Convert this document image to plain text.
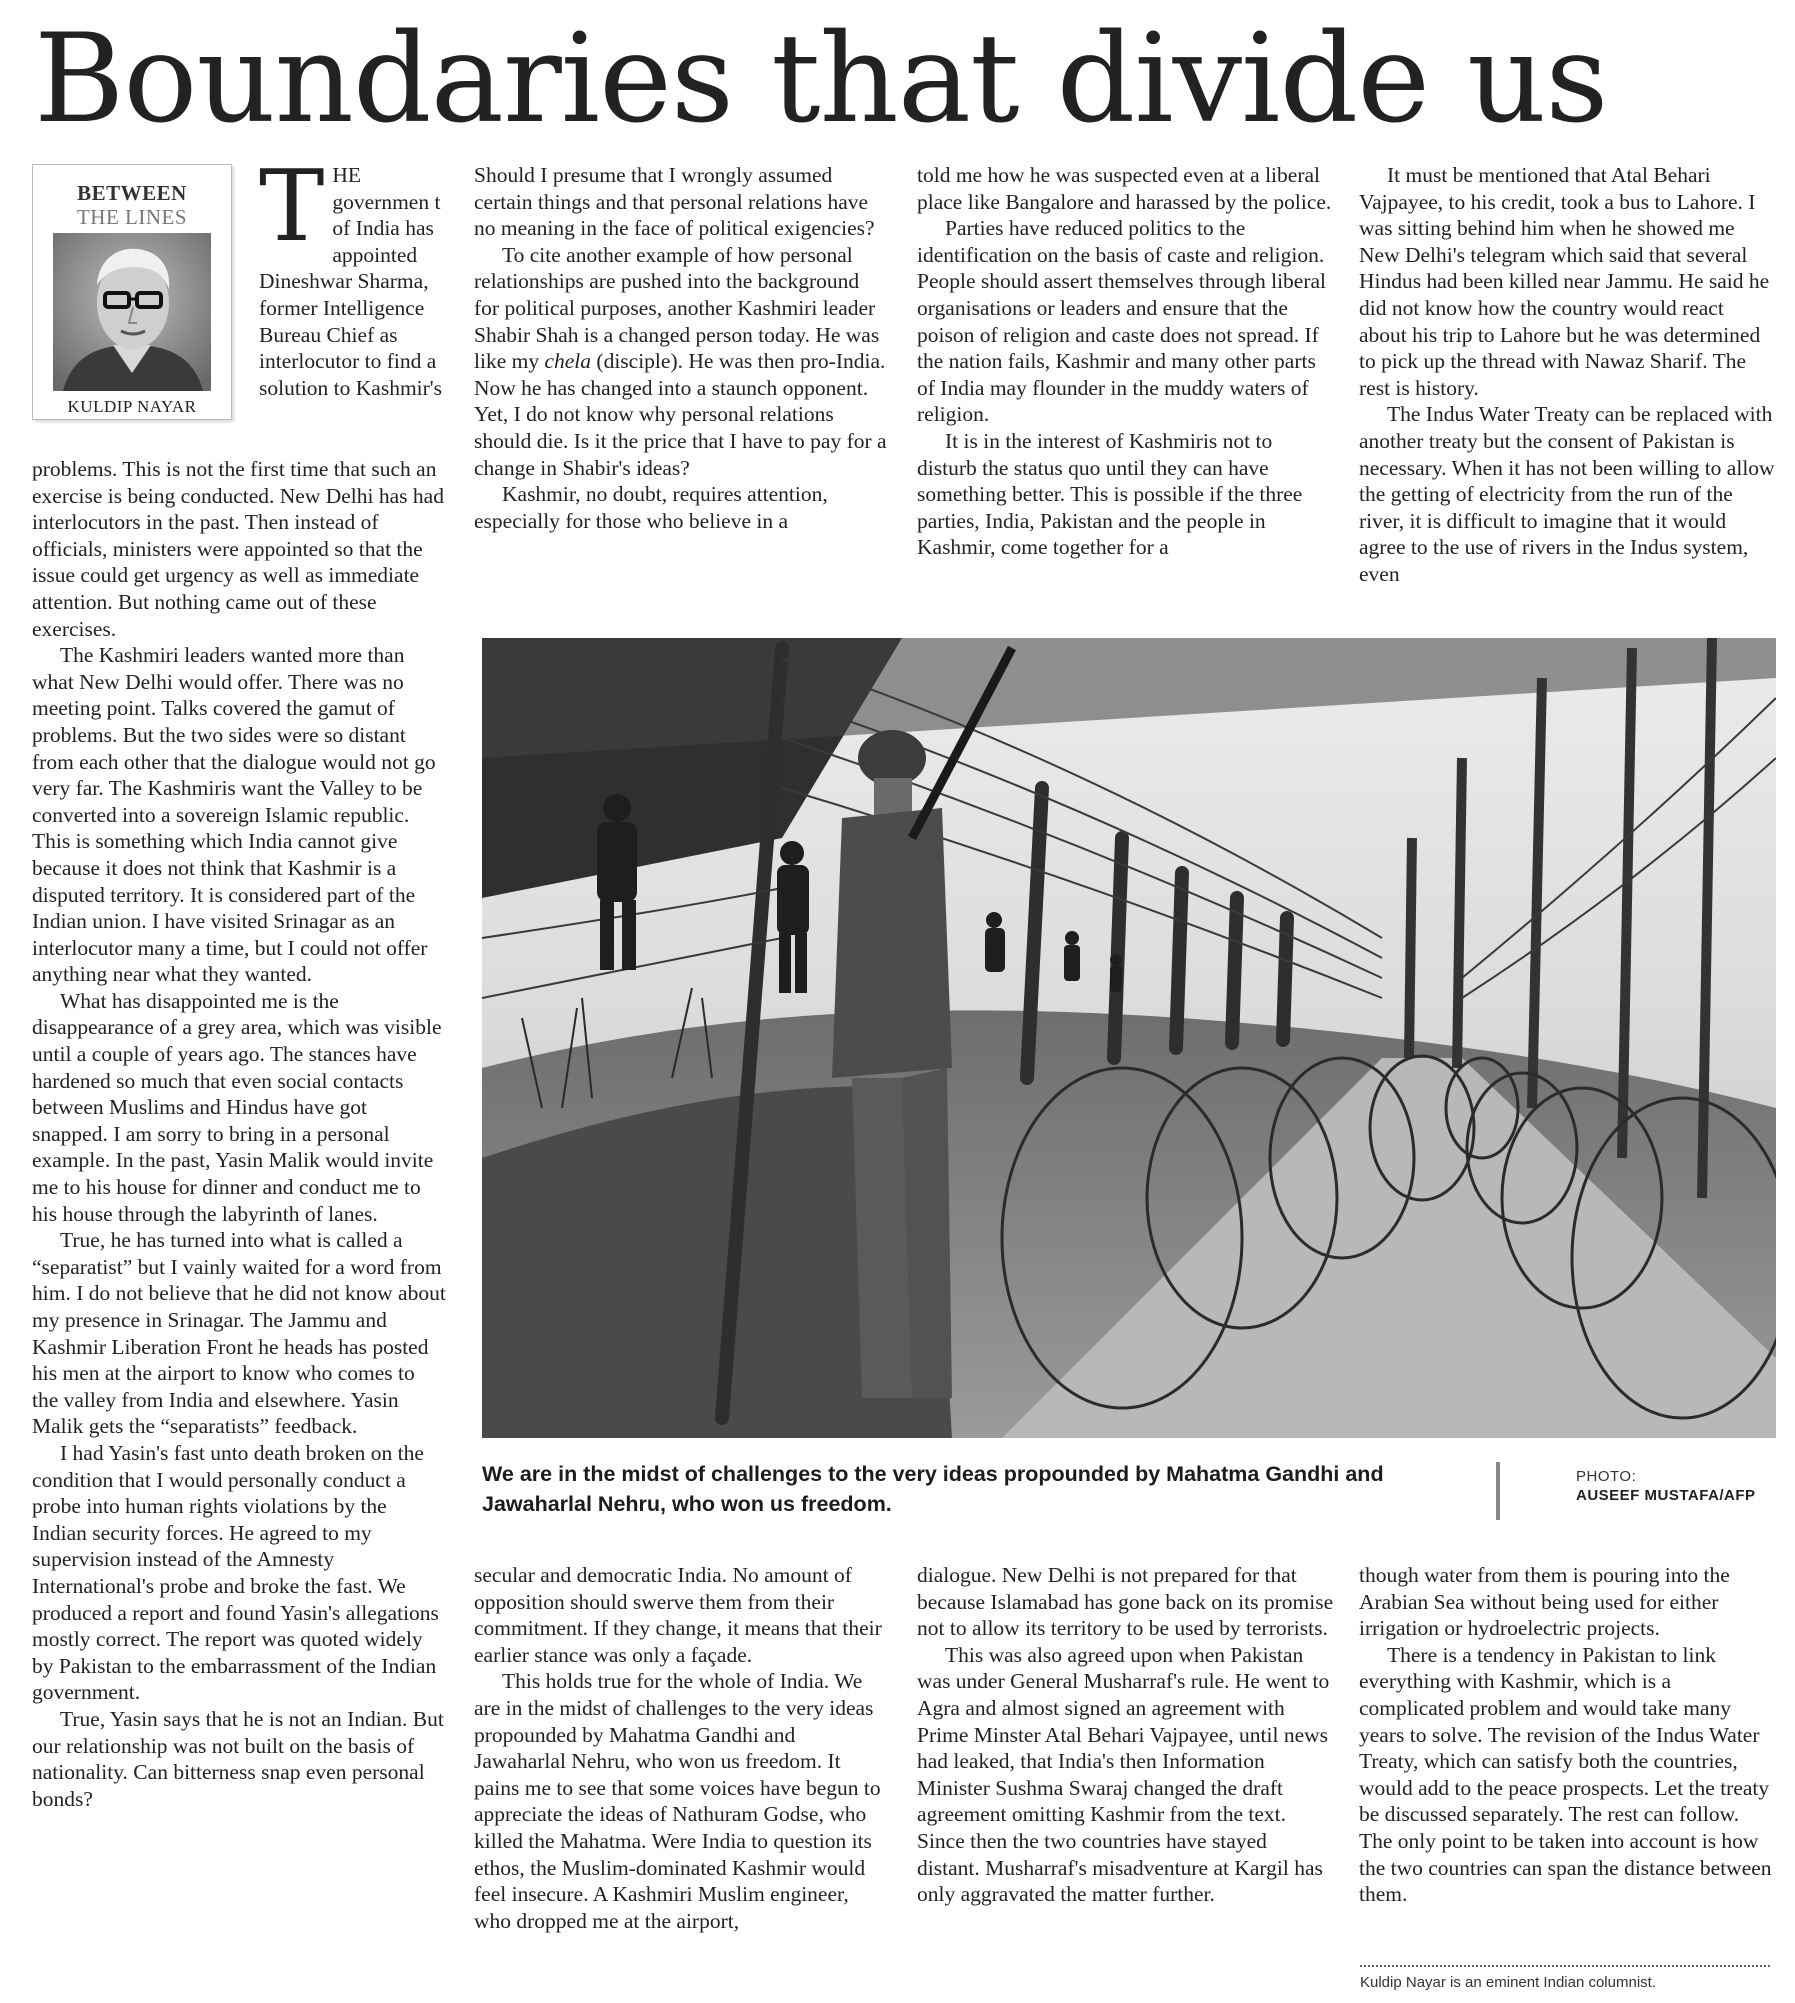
Boundaries that divide us
BETWEEN
THE LINES
KULDIP NAYAR

THE governmen t of India has appointed Dineshwar Sharma, former Intelligence Bureau Chief as interlocutor to find a solution to Kashmir's

problems. This is not the first time that such an exercise is being conducted. New Delhi has had interlocutors in the past. Then instead of officials, ministers were appointed so that the issue could get urgency as well as immediate attention. But nothing came out of these exercises.

The Kashmiri leaders wanted more than what New Delhi would offer. There was no meeting point. Talks covered the gamut of problems. But the two sides were so distant from each other that the dialogue would not go very far. The Kashmiris want the Valley to be converted into a sovereign Islamic republic. This is something which India cannot give because it does not think that Kashmir is a disputed territory. It is considered part of the Indian union. I have visited Srinagar as an interlocutor many a time, but I could not offer anything near what they wanted.

What has disappointed me is the disappearance of a grey area, which was visible until a couple of years ago. The stances have hardened so much that even social contacts between Muslims and Hindus have got snapped. I am sorry to bring in a personal example. In the past, Yasin Malik would invite me to his house for dinner and conduct me to his house through the labyrinth of lanes.

True, he has turned into what is called a “separatist” but I vainly waited for a word from him. I do not believe that he did not know about my presence in Srinagar. The Jammu and Kashmir Liberation Front he heads has posted his men at the airport to know who comes to the valley from India and elsewhere. Yasin Malik gets the “separatists” feedback.

I had Yasin's fast unto death broken on the condition that I would personally conduct a probe into human rights violations by the Indian security forces. He agreed to my supervision instead of the Amnesty International's probe and broke the fast. We produced a report and found Yasin's allegations mostly correct. The report was quoted widely by Pakistan to the embarrassment of the Indian government.

True, Yasin says that he is not an Indian. But our relationship was not built on the basis of nationality. Can bitterness snap even personal bonds?

Should I presume that I wrongly assumed certain things and that personal relations have no meaning in the face of political exigencies?

To cite another example of how personal relationships are pushed into the background for political purposes, another Kashmiri leader Shabir Shah is a changed person today. He was like my chela (disciple). He was then pro-India. Now he has changed into a staunch opponent. Yet, I do not know why personal relations should die. Is it the price that I have to pay for a change in Shabir's ideas?

Kashmir, no doubt, requires attention, especially for those who believe in a

told me how he was suspected even at a liberal place like Bangalore and harassed by the police.

Parties have reduced politics to the identification on the basis of caste and religion. People should assert themselves through liberal organisations or leaders and ensure that the poison of religion and caste does not spread. If the nation fails, Kashmir and many other parts of India may flounder in the muddy waters of religion.

It is in the interest of Kashmiris not to disturb the status quo until they can have something better. This is possible if the three parties, India, Pakistan and the people in Kashmir, come together for a

It must be mentioned that Atal Behari Vajpayee, to his credit, took a bus to Lahore. I was sitting behind him when he showed me New Delhi's telegram which said that several Hindus had been killed near Jammu. He said he did not know how the country would react about his trip to Lahore but he was determined to pick up the thread with Nawaz Sharif. The rest is history.

The Indus Water Treaty can be replaced with another treaty but the consent of Pakistan is necessary. When it has not been willing to allow the getting of electricity from the run of the river, it is difficult to imagine that it would agree to the use of rivers in the Indus system, even

We are in the midst of challenges to the very ideas propounded by Mahatma Gandhi and Jawaharlal Nehru, who won us freedom.

PHOTO:
AUSEEF MUSTAFA/AFP

secular and democratic India. No amount of opposition should swerve them from their commitment. If they change, it means that their earlier stance was only a façade.

This holds true for the whole of India. We are in the midst of challenges to the very ideas propounded by Mahatma Gandhi and Jawaharlal Nehru, who won us freedom. It pains me to see that some voices have begun to appreciate the ideas of Nathuram Godse, who killed the Mahatma. Were India to question its ethos, the Muslim-dominated Kashmir would feel insecure. A Kashmiri Muslim engineer, who dropped me at the airport,

dialogue. New Delhi is not prepared for that because Islamabad has gone back on its promise not to allow its territory to be used by terrorists.

This was also agreed upon when Pakistan was under General Musharraf's rule. He went to Agra and almost signed an agreement with Prime Minster Atal Behari Vajpayee, until news had leaked, that India's then Information Minister Sushma Swaraj changed the draft agreement omitting Kashmir from the text. Since then the two countries have stayed distant. Musharraf's misadventure at Kargil has only aggravated the matter further.

though water from them is pouring into the Arabian Sea without being used for either irrigation or hydroelectric projects.

There is a tendency in Pakistan to link everything with Kashmir, which is a complicated problem and would take many years to solve. The revision of the Indus Water Treaty, which can satisfy both the countries, would add to the peace prospects. Let the treaty be discussed separately. The rest can follow. The only point to be taken into account is how the two countries can span the distance between them.

Kuldip Nayar is an eminent Indian columnist.
